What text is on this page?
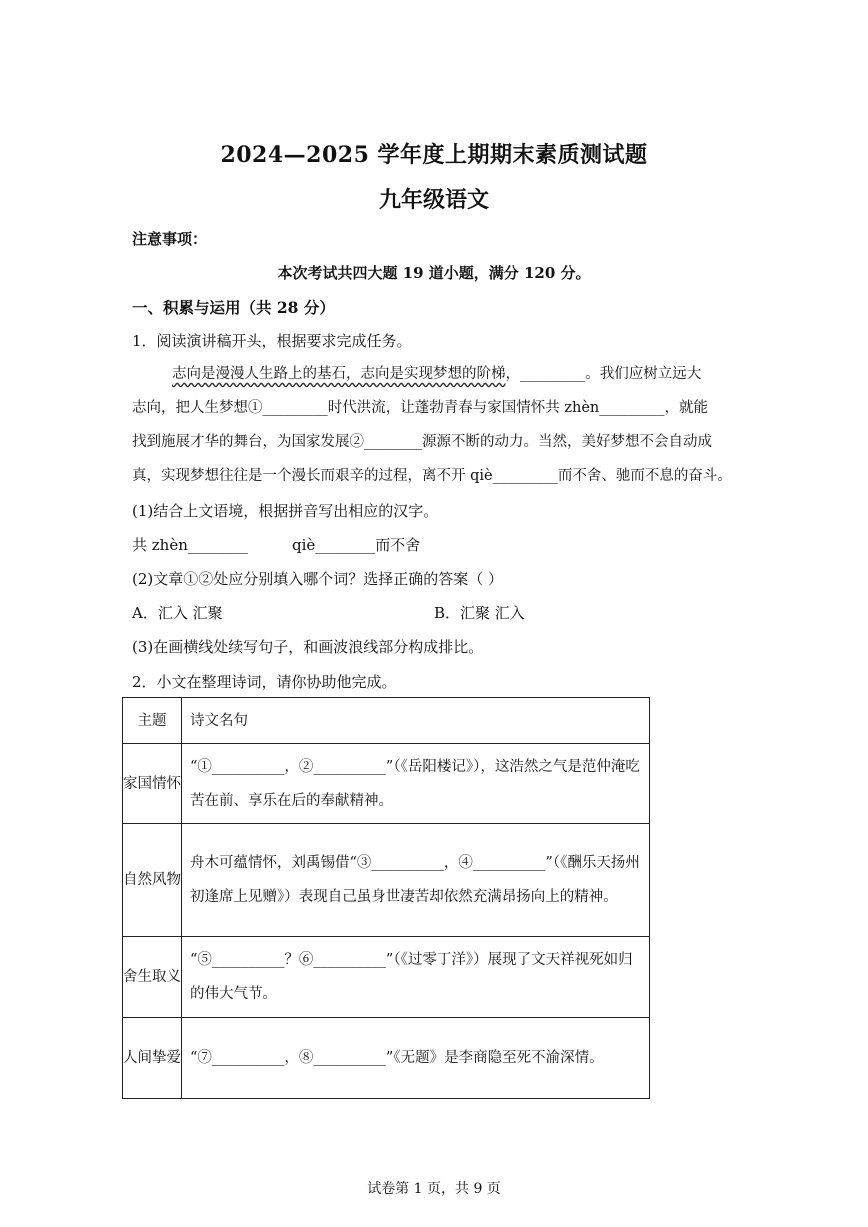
2024—2025 学年度上期期末素质测试题
九年级语文
注意事项：
本次考试共四大题 19 道小题，满分 120 分。
一、积累与运用（共 28 分）
1．阅读演讲稿开头，根据要求完成任务。
志向是漫漫人生路上的基石，志向是实现梦想的阶梯，_________。我们应树立远大
志向，把人生梦想①_________时代洪流，让蓬勃青春与家国情怀共 zhèn_________，就能
找到施展才华的舞台，为国家发展②________源源不断的动力。当然，美好梦想不会自动成
真，实现梦想往往是一个漫长而艰辛的过程，离不开 qiè_________而不舍、驰而不息的奋斗。
(1)结合上文语境，根据拼音写出相应的汉字。
共 zhèn________	qiè________而不舍
(2)文章①②处应分别填入哪个词？选择正确的答案（ ）
A．汇入 汇聚	B．汇聚 汇入
(3)在画横线处续写句子，和画波浪线部分构成排比。
2．小文在整理诗词，请你协助他完成。
主题	诗文名句
家国情怀	“①__________，②__________”（《岳阳楼记》），这浩然之气是范仲淹吃苦在前、享乐在后的奉献精神。
自然风物	舟木可蕴情怀，刘禹锡借“③__________，④__________”（《酬乐天扬州初逢席上见赠》）表现自己虽身世凄苦却依然充满昂扬向上的精神。
舍生取义	“⑤__________？⑥__________”（《过零丁洋》）展现了文天祥视死如归的伟大气节。
人间挚爱	“⑦__________，⑧__________”《无题》是李商隐至死不渝深情。
试卷第 1 页，共 9 页
